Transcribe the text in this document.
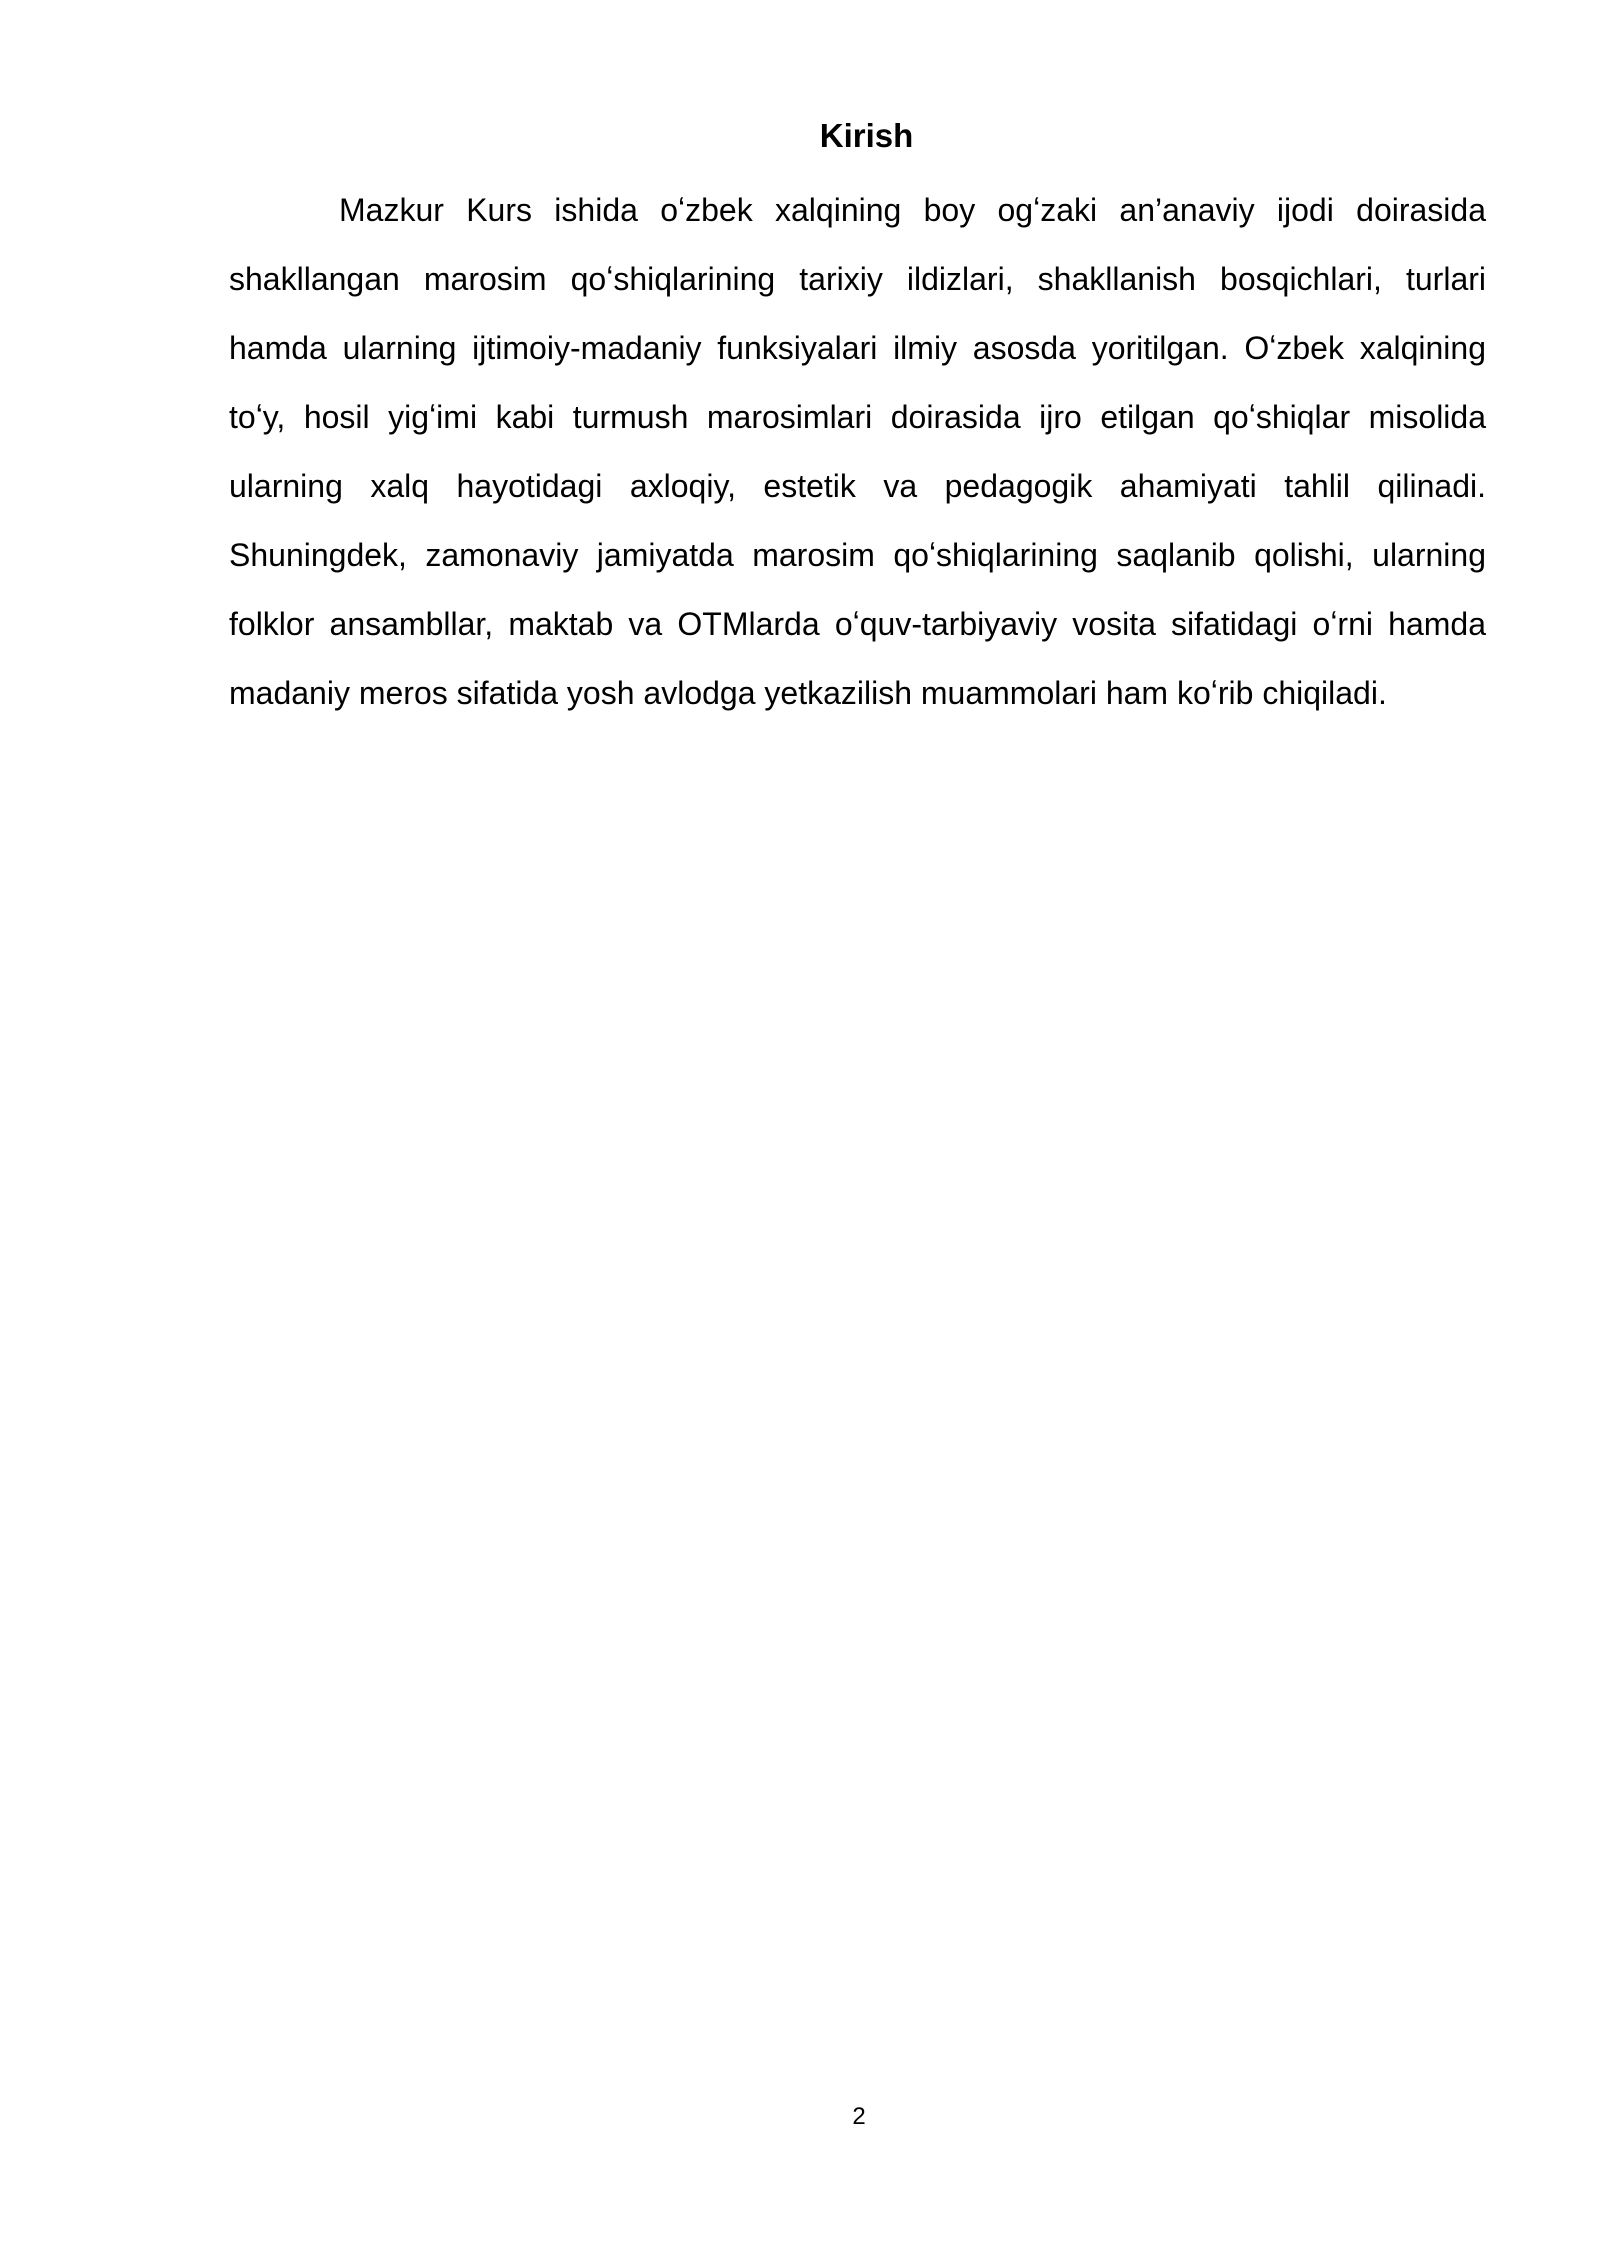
Kirish

Mazkur Kurs ishida oʻzbek xalqining boy ogʻzaki an’anaviy ijodi doirasida shakllangan marosim qoʻshiqlarining tarixiy ildizlari, shakllanish bosqichlari, turlari hamda ularning ijtimoiy-madaniy funksiyalari ilmiy asosda yoritilgan. Oʻzbek xalqining toʻy, hosil yigʻimi kabi turmush marosimlari doirasida ijro etilgan qoʻshiqlar misolida ularning xalq hayotidagi axloqiy, estetik va pedagogik ahamiyati tahlil qilinadi. Shuningdek, zamonaviy jamiyatda marosim qoʻshiqlarining saqlanib qolishi, ularning folklor ansambllar, maktab va OTMlarda oʻquv-tarbiyaviy vosita sifatidagi oʻrni hamda madaniy meros sifatida yosh avlodga yetkazilish muammolari ham koʻrib chiqiladi.

2
